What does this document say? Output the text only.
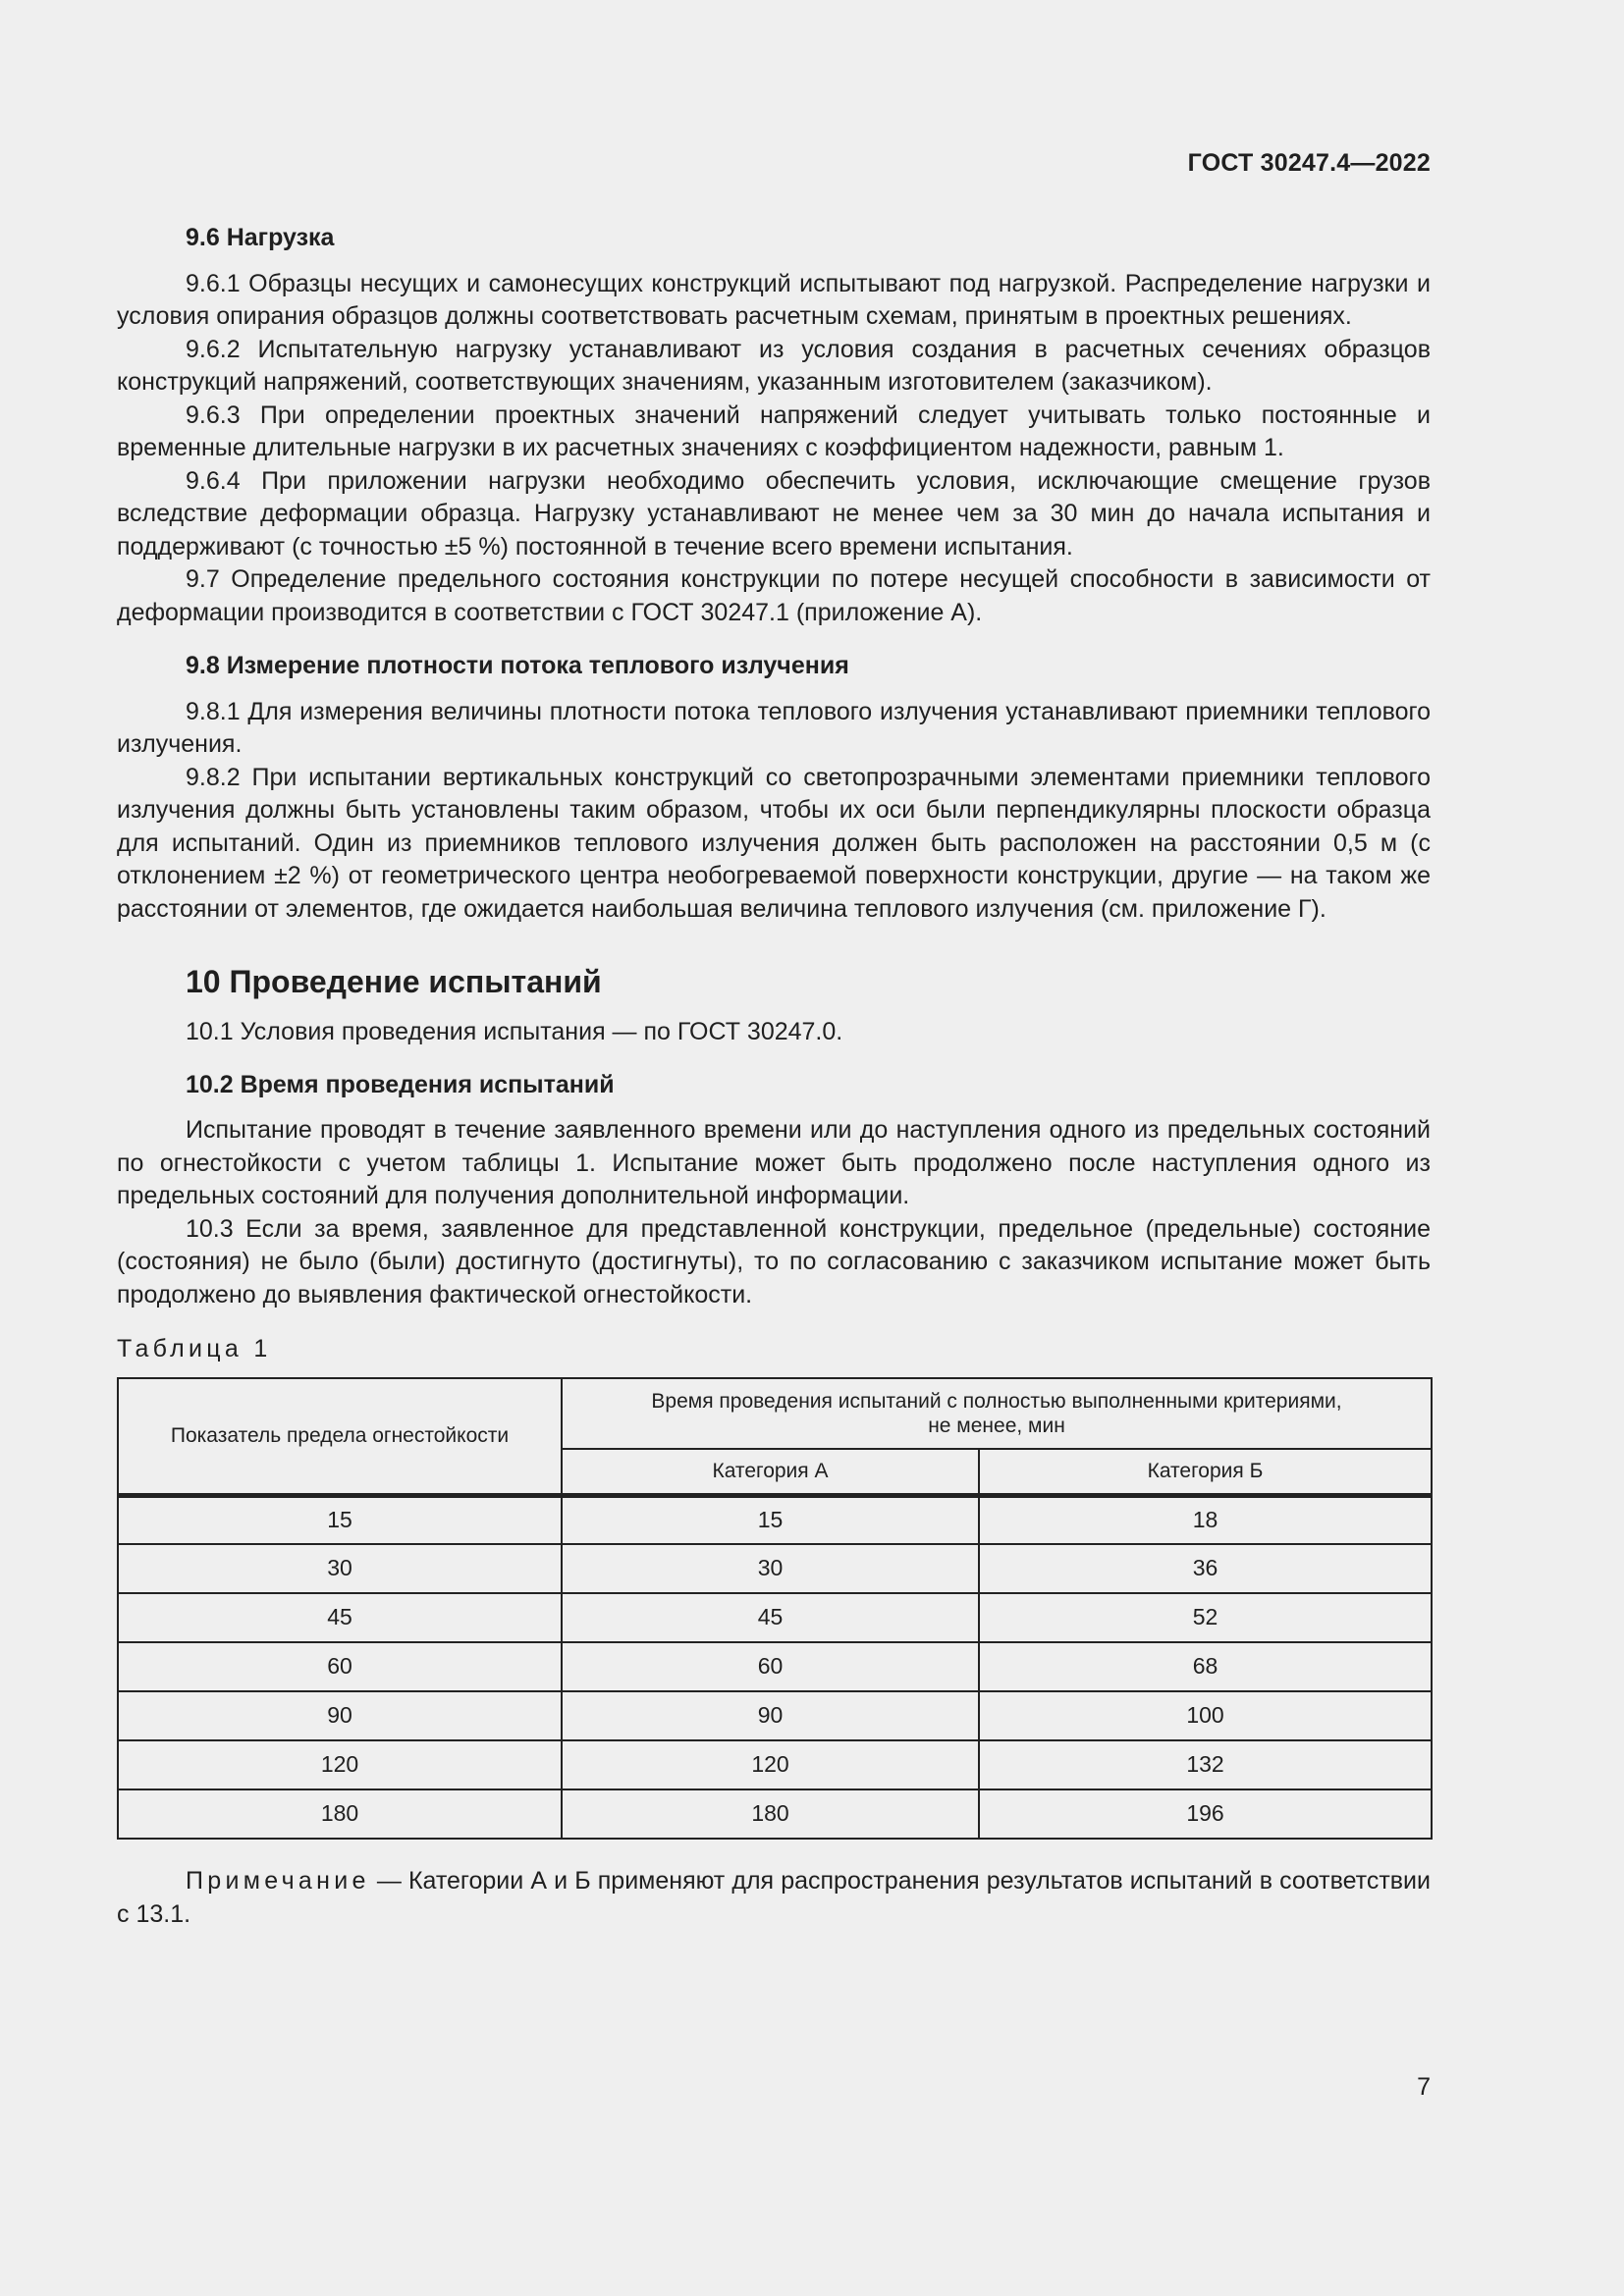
ГОСТ 30247.4—2022
9.6 Нагрузка
9.6.1 Образцы несущих и самонесущих конструкций испытывают под нагрузкой. Распределение нагрузки и условия опирания образцов должны соответствовать расчетным схемам, принятым в проектных решениях.
9.6.2 Испытательную нагрузку устанавливают из условия создания в расчетных сечениях образцов конструкций напряжений, соответствующих значениям, указанным изготовителем (заказчиком).
9.6.3 При определении проектных значений напряжений следует учитывать только постоянные и временные длительные нагрузки в их расчетных значениях с коэффициентом надежности, равным 1.
9.6.4 При приложении нагрузки необходимо обеспечить условия, исключающие смещение грузов вследствие деформации образца. Нагрузку устанавливают не менее чем за 30 мин до начала испытания и поддерживают (с точностью ±5 %) постоянной в течение всего времени испытания.
9.7 Определение предельного состояния конструкции по потере несущей способности в зависимости от деформации производится в соответствии с ГОСТ 30247.1 (приложение А).
9.8 Измерение плотности потока теплового излучения
9.8.1 Для измерения величины плотности потока теплового излучения устанавливают приемники теплового излучения.
9.8.2 При испытании вертикальных конструкций со светопрозрачными элементами приемники теплового излучения должны быть установлены таким образом, чтобы их оси были перпендикулярны плоскости образца для испытаний. Один из приемников теплового излучения должен быть расположен на расстоянии 0,5 м (с отклонением ±2 %) от геометрического центра необогреваемой поверхности конструкции, другие — на таком же расстоянии от элементов, где ожидается наибольшая величина теплового излучения (см. приложение Г).
10 Проведение испытаний
10.1 Условия проведения испытания — по ГОСТ 30247.0.
10.2 Время проведения испытаний
Испытание проводят в течение заявленного времени или до наступления одного из предельных состояний по огнестойкости с учетом таблицы 1. Испытание может быть продолжено после наступления одного из предельных состояний для получения дополнительной информации.
10.3 Если за время, заявленное для представленной конструкции, предельное (предельные) состояние (состояния) не было (были) достигнуто (достигнуты), то по согласованию с заказчиком испытание может быть продолжено до выявления фактической огнестойкости.
Таблица 1
Показатель предела огнестойкости	Время проведения испытаний с полностью выполненными критериями,
не менее, мин	
	Категория А	Категория Б
15	15	18
30	30	36
45	45	52
60	60	68
90	90	100
120	120	132
180	180	196
Примечание — Категории А и Б применяют для распространения результатов испытаний в соответствии с 13.1.
7
